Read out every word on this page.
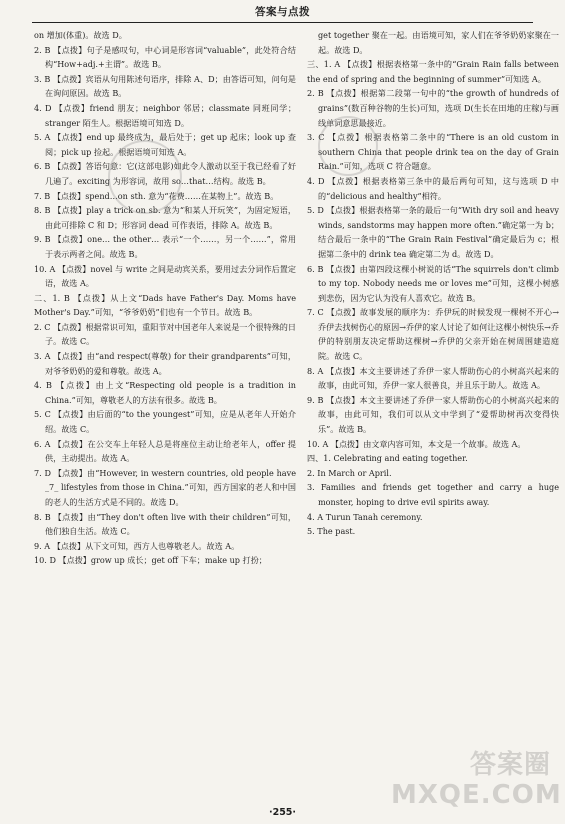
答案与点拨

on 增加(体重)。故选 D。

2. B 【点拨】句子是感叹句，中心词是形容词“valuable”，此处符合结构“How+adj.+主谓”。故选 B。

3. B 【点拨】宾语从句用陈述句语序，排除 A、D；由答语可知，问句是在询问原因。故选 B。

4. D 【点拨】friend 朋友；neighbor 邻居；classmate 同班同学；stranger 陌生人。根据语境可知选 D。

5. A 【点拨】end up 最终成为，最后处于；get up 起床；look up 查阅；pick up 捡起。根据语境可知选 A。

6. B 【点拨】答语句意：它(这部电影)如此令人激动以至于我已经看了好几遍了。exciting 为形容词，故用 so…that…结构。故选 B。

7. B 【点拨】spend…on sth. 意为“花费……在某物上”。故选 B。

8. B 【点拨】play a trick on sb. 意为“和某人开玩笑”，为固定短语，由此可排除 C 和 D；形容词 dead 可作表语，排除 A。故选 B。

9. B 【点拨】one… the other… 表示“一个……，另一个……”，常用于表示两者之间。故选 B。

10. A 【点拨】novel 与 write 之间是动宾关系，要用过去分词作后置定语，故选 A。

二、1. B 【点拨】从上文“Dads have Father's Day. Moms have Mother's Day.”可知，“爷爷奶奶”们也有一个节日。故选 B。

2. C 【点拨】根据常识可知，重阳节对中国老年人来说是一个很特殊的日子。故选 C。

3. A 【点拨】由“and respect(尊敬) for their grandparents”可知，对爷爷奶奶的爱和尊敬。故选 A。

4. B 【点拨】由上文“Respecting old people is a tradition in China.”可知，尊敬老人的方法有很多。故选 B。

5. C 【点拨】由后面的“to the youngest”可知，应是从老年人开始介绍。故选 C。

6. A 【点拨】在公交车上年轻人总是将座位主动让给老年人，offer 提供，主动提出。故选 A。

7. D 【点拨】由“However, in western countries, old people have _7_ lifestyles from those in China.”可知，西方国家的老人和中国的老人的生活方式是不同的。故选 D。

8. B 【点拨】由“They don't often live with their children”可知，他们独自生活。故选 C。

9. A 【点拨】从下文可知，西方人也尊敬老人。故选 A。

10. D 【点拨】grow up 成长；get off 下车；make up 打扮；

get together 聚在一起。由语境可知，家人们在爷爷奶奶家聚在一起。故选 D。

三、1. A 【点拨】根据表格第一条中的“Grain Rain falls between the end of spring and the beginning of summer”可知选 A。

2. B 【点拨】根据第二段第一句中的“the growth of hundreds of grains”(数百种谷物的生长)可知，选项 D(生长在田地的庄稼)与画线单词意思最接近。

3. C 【点拨】根据表格第二条中的“There is an old custom in southern China that people drink tea on the day of Grain Rain.”可知，选项 C 符合题意。

4. D 【点拨】根据表格第三条中的最后两句可知，这与选项 D 中的“delicious and healthy”相符。

5. D 【点拨】根据表格第一条的最后一句“With dry soil and heavy winds, sandstorms may happen more often.”确定第一为 b；结合最后一条中的“The Grain Rain Festival”确定最后为 c；根据第二条中的 drink tea 确定第二为 d。故选 D。

6. B 【点拨】由第四段这棵小树说的话“The squirrels don't climb to my top. Nobody needs me or loves me”可知，这棵小树感到悲伤，因为它认为没有人喜欢它。故选 B。

7. C 【点拨】故事发展的顺序为：乔伊玩的时候发现一棵树不开心→乔伊去找树伤心的原因→乔伊的家人讨论了如何让这棵小树快乐→乔伊的特别朋友决定帮助这棵树→乔伊的父亲开始在树周围建造庭院。故选 C。

8. A 【点拨】本文主要讲述了乔伊一家人帮助伤心的小树高兴起来的故事，由此可知，乔伊一家人很善良，并且乐于助人。故选 A。

9. B 【点拨】本文主要讲述了乔伊一家人帮助伤心的小树高兴起来的故事，由此可知，我们可以从文中学到了“爱帮助树再次变得快乐”。故选 B。

10. A 【点拨】由文章内容可知，本文是一个故事。故选 A。

四、1. Celebrating and eating together.

2. In March or April.

3. Families and friends get together and carry a huge monster, hoping to drive evil spirits away.

4. A Turun Tanah ceremony.

5. The past.

答案圈 MXQE.COM
·255·
